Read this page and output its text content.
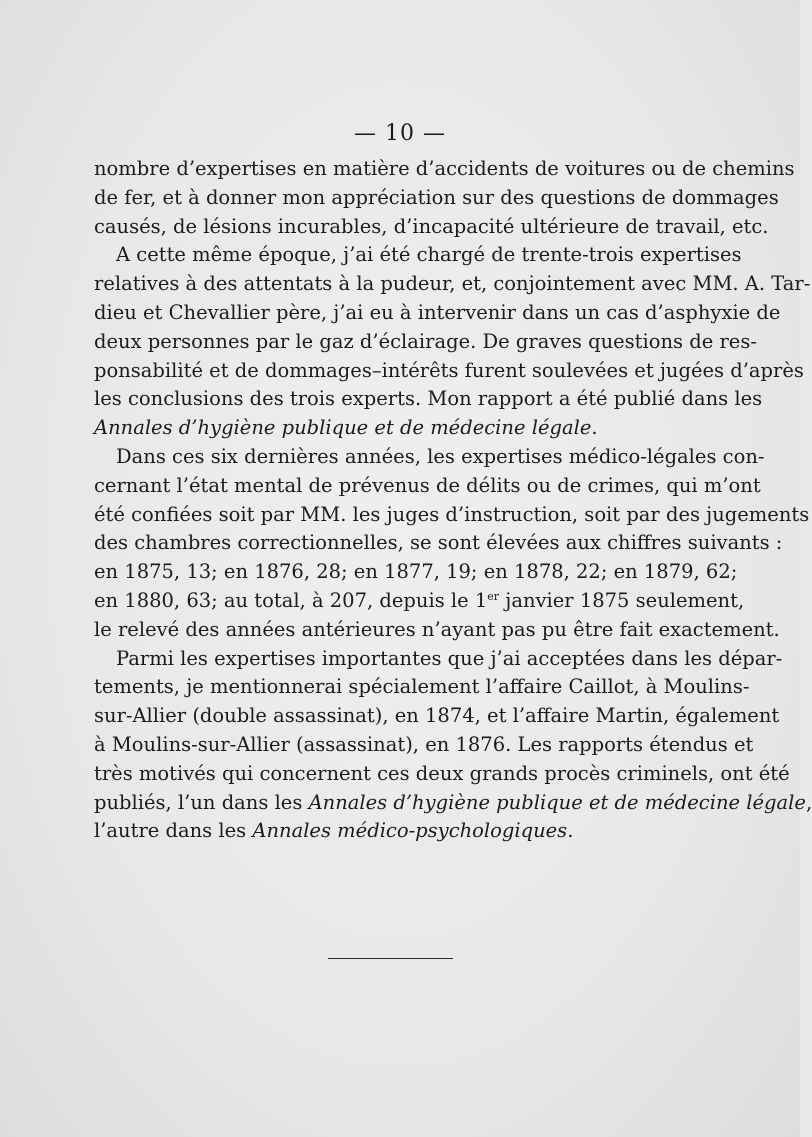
— 10 —
nombre d’expertises en matière d’accidents de voitures ou de chemins
de fer, et à donner mon appréciation sur des questions de dommages
causés, de lésions incurables, d’incapacité ultérieure de travail, etc.
A cette même époque, j’ai été chargé de trente-trois expertises
relatives à des attentats à la pudeur, et, conjointement avec MM. A. Tar-
dieu et Chevallier père, j’ai eu à intervenir dans un cas d’asphyxie de
deux personnes par le gaz d’éclairage. De graves questions de res-
ponsabilité et de dommages–intérêts furent soulevées et jugées d’après
les conclusions des trois experts. Mon rapport a été publié dans les
Annales d’hygiène publique et de médecine légale.
Dans ces six dernières années, les expertises médico-légales con-
cernant l’état mental de prévenus de délits ou de crimes, qui m’ont
été confiées soit par MM. les juges d’instruction, soit par des jugements
des chambres correctionnelles, se sont élevées aux chiffres suivants :
en 1875, 13; en 1876, 28; en 1877, 19; en 1878, 22; en 1879, 62;
en 1880, 63; au total, à 207, depuis le 1er janvier 1875 seulement,
le relevé des années antérieures n’ayant pas pu être fait exactement.
Parmi les expertises importantes que j’ai acceptées dans les dépar-
tements, je mentionnerai spécialement l’affaire Caillot, à Moulins-
sur-Allier (double assassinat), en 1874, et l’affaire Martin, également
à Moulins-sur-Allier (assassinat), en 1876. Les rapports étendus et
très motivés qui concernent ces deux grands procès criminels, ont été
publiés, l’un dans les Annales d’hygiène publique et de médecine légale,
l’autre dans les Annales médico-psychologiques.
